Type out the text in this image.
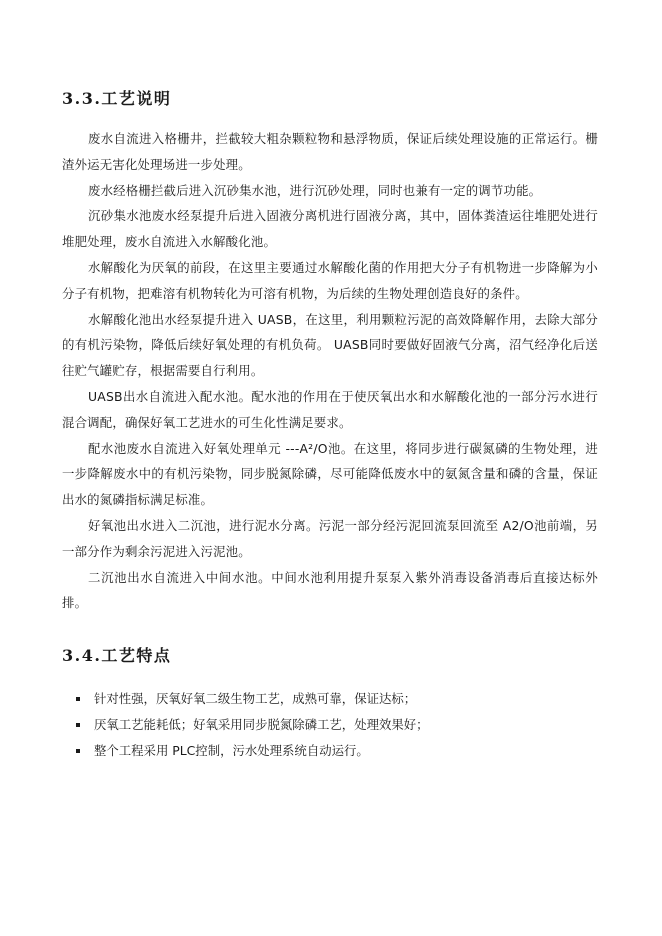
3.3.工艺说明

废水自流进入格栅井，拦截较大粗杂颗粒物和悬浮物质，保证后续处理设施的正常运行。栅渣外运无害化处理场进一步处理。

废水经格栅拦截后进入沉砂集水池，进行沉砂处理，同时也兼有一定的调节功能。

沉砂集水池废水经泵提升后进入固液分离机进行固液分离，其中，固体粪渣运往堆肥处进行堆肥处理，废水自流进入水解酸化池。

水解酸化为厌氧的前段，在这里主要通过水解酸化菌的作用把大分子有机物进一步降解为小分子有机物，把难溶有机物转化为可溶有机物，为后续的生物处理创造良好的条件。

水解酸化池出水经泵提升进入 UASB，在这里，利用颗粒污泥的高效降解作用，去除大部分的有机污染物，降低后续好氧处理的有机负荷。 UASB同时要做好固液气分离，沼气经净化后送往贮气罐贮存，根据需要自行利用。

UASB出水自流进入配水池。配水池的作用在于使厌氧出水和水解酸化池的一部分污水进行混合调配，确保好氧工艺进水的可生化性满足要求。

配水池废水自流进入好氧处理单元 ---A²/O池。在这里，将同步进行碳氮磷的生物处理，进一步降解废水中的有机污染物，同步脱氮除磷，尽可能降低废水中的氨氮含量和磷的含量，保证出水的氮磷指标满足标准。

好氧池出水进入二沉池，进行泥水分离。污泥一部分经污泥回流泵回流至 A2/O池前端，另一部分作为剩余污泥进入污泥池。

二沉池出水自流进入中间水池。中间水池利用提升泵泵入紫外消毒设备消毒后直接达标外排。

3.4.工艺特点
针对性强，厌氧好氧二级生物工艺，成熟可靠，保证达标；
厌氧工艺能耗低；好氧采用同步脱氮除磷工艺，处理效果好；
整个工程采用 PLC控制，污水处理系统自动运行。
